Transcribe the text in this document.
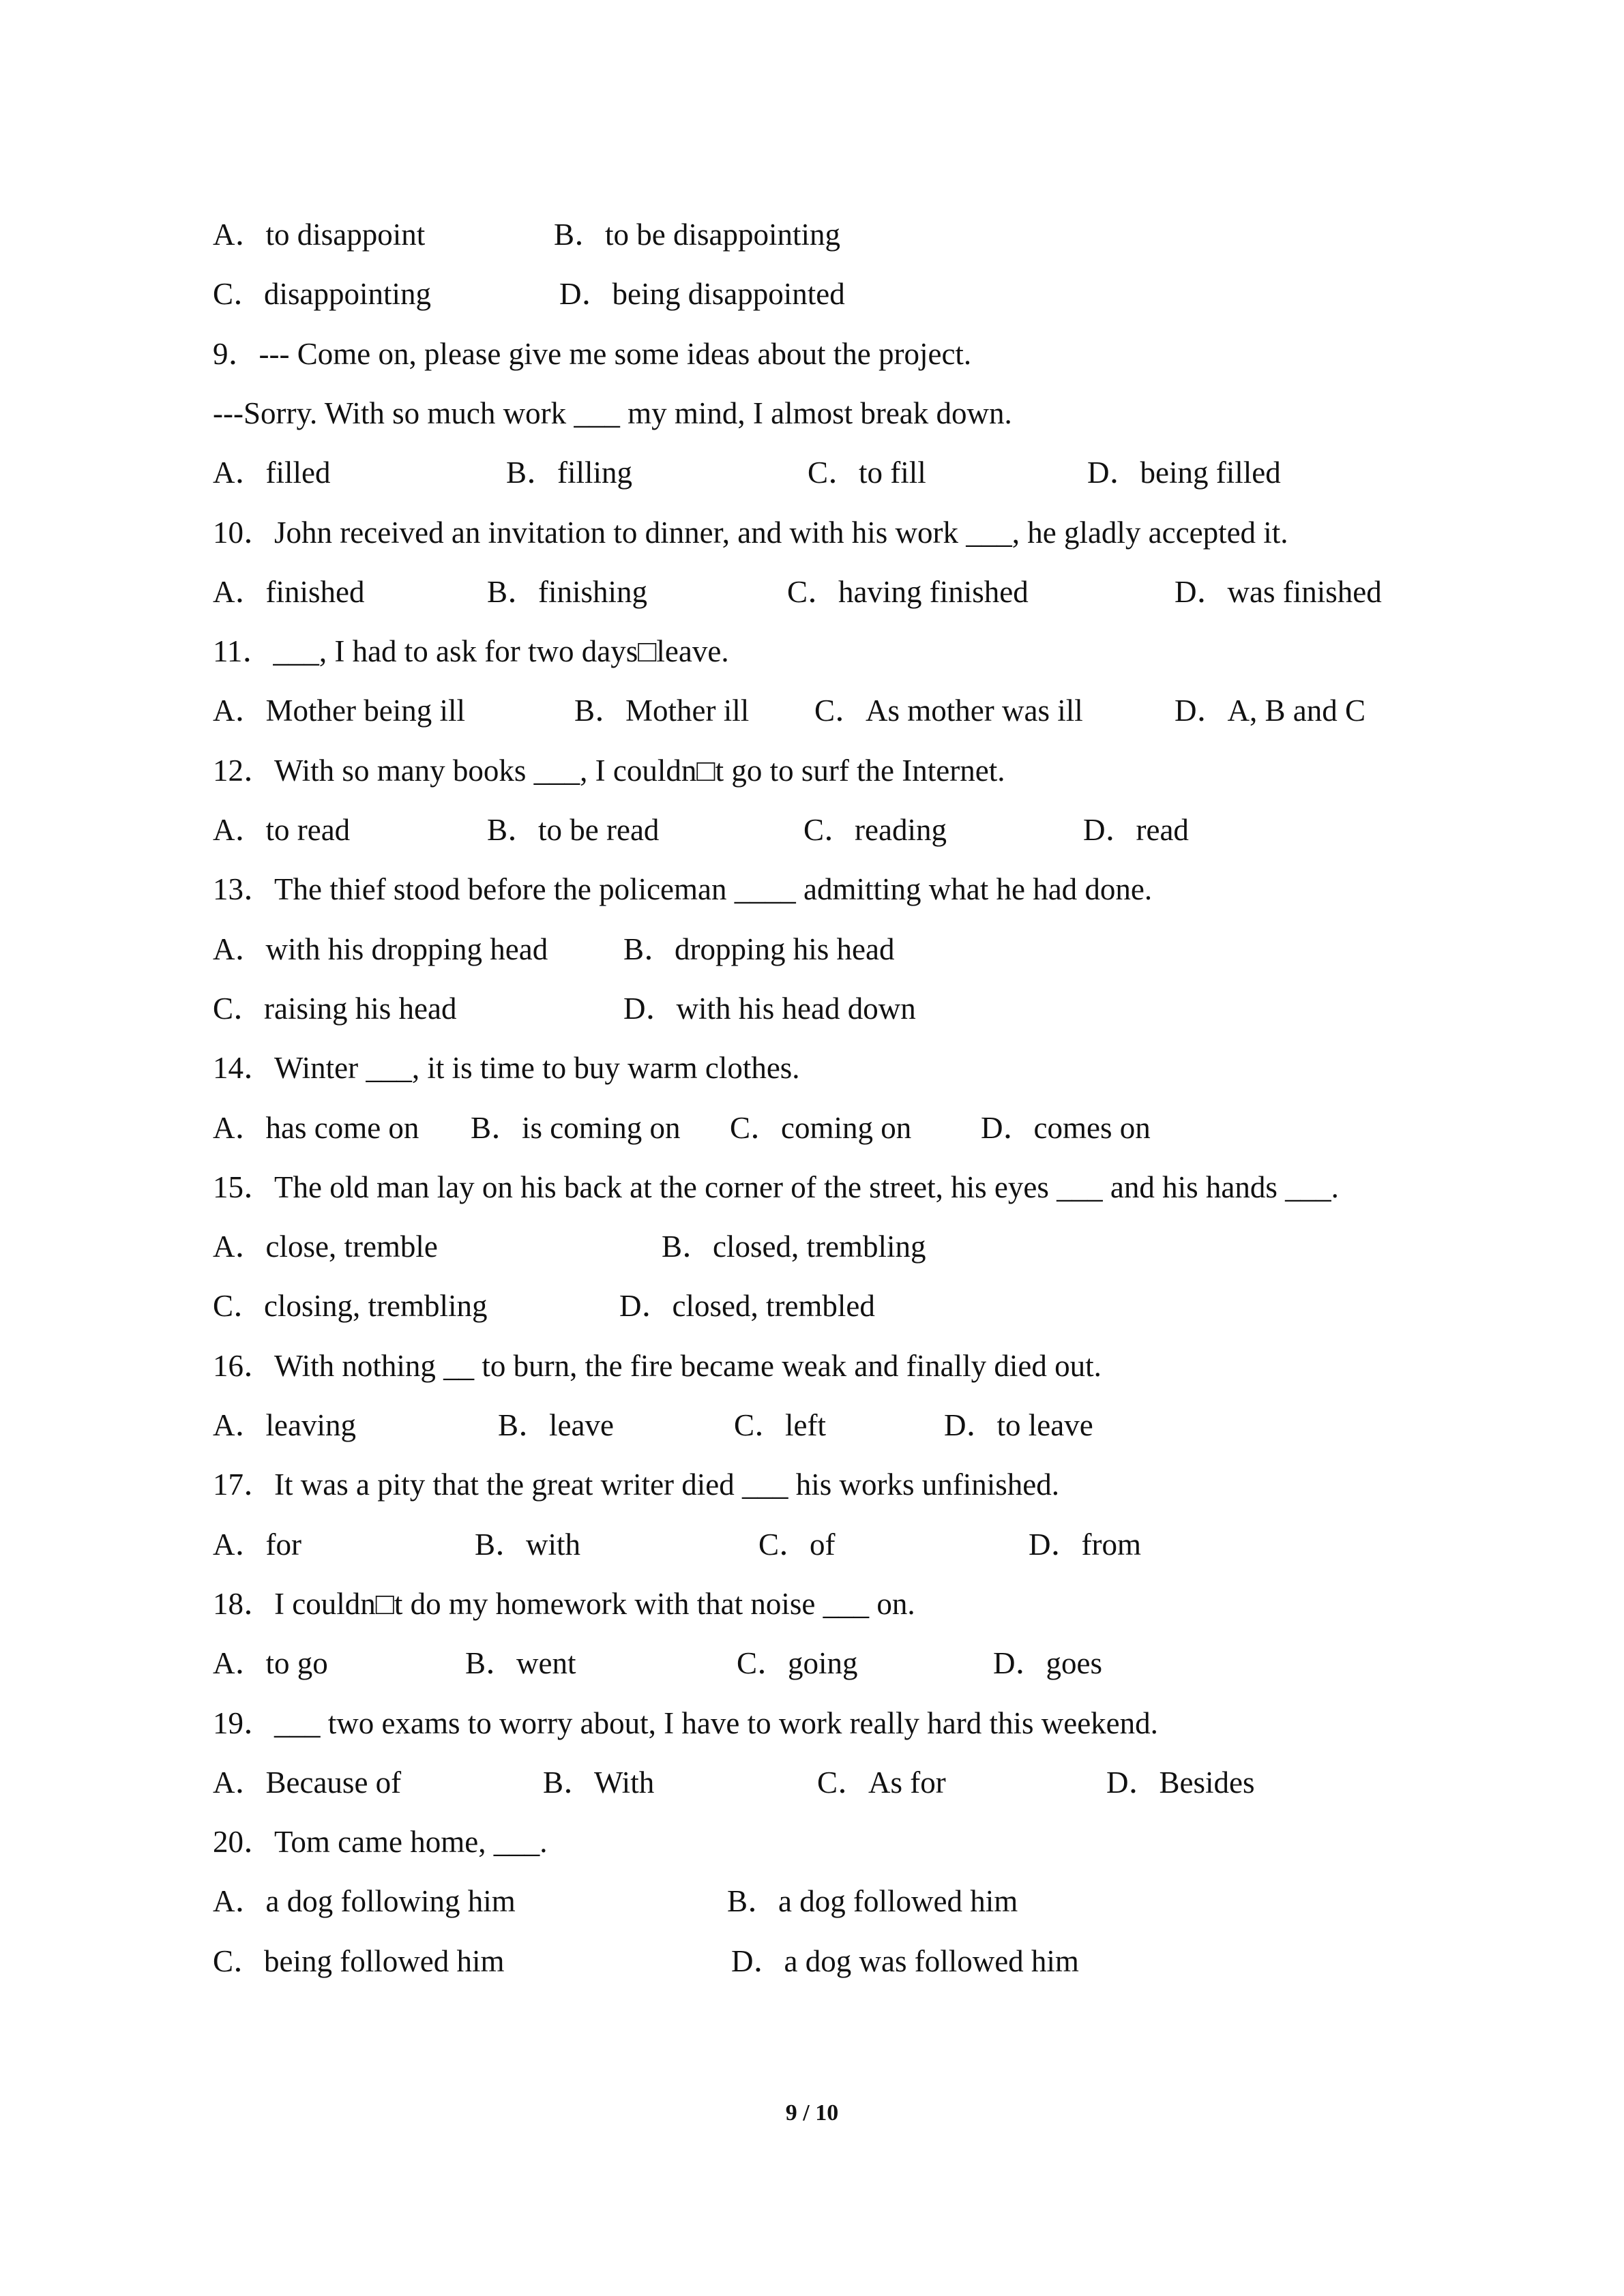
A．to disappoint	B．to be disappointing
C．disappointing	D．being disappointed
9．--- Come on, please give me some ideas about the project.
---Sorry. With so much work ___ my mind, I almost break down.
A．filled	B．filling	C．to fill	D．being filled
10．John received an invitation to dinner, and with his work ___, he gladly accepted it.
A．finished	B．finishing	C．having finished	D．was finished
11．___, I had to ask for two days□leave.
A．Mother being ill	B．Mother ill C．As mother was ill	D．A, B and C
12．With so many books ___, I couldn□t go to surf the Internet.
A．to read	B．to be read	C．reading	D．read
13．The thief stood before the policeman ____ admitting what he had done.
A．with his dropping head B．dropping his head
C．raising his head	D．with his head down
14．Winter ___, it is time to buy warm clothes.
A．has come on B．is coming on C．coming on D．comes on
15．The old man lay on his back at the corner of the street, his eyes ___ and his hands ___.
A．close, tremble	B．closed, trembling
C．closing, trembling	D．closed, trembled
16．With nothing __ to burn, the fire became weak and finally died out.
A．leaving	B．leave	C．left	D．to leave
17．It was a pity that the great writer died ___ his works unfinished.
A．for	B．with	C．of	D．from
18．I couldn□t do my homework with that noise ___ on.
A．to go	B．went	C．going	D．goes
19．___ two exams to worry about, I have to work really hard this weekend.
A．Because of	B．With	C．As for	D．Besides
20．Tom came home, ___.
A．a dog following him	B．a dog followed him
C．being followed him	D．a dog was followed him
9 / 10
